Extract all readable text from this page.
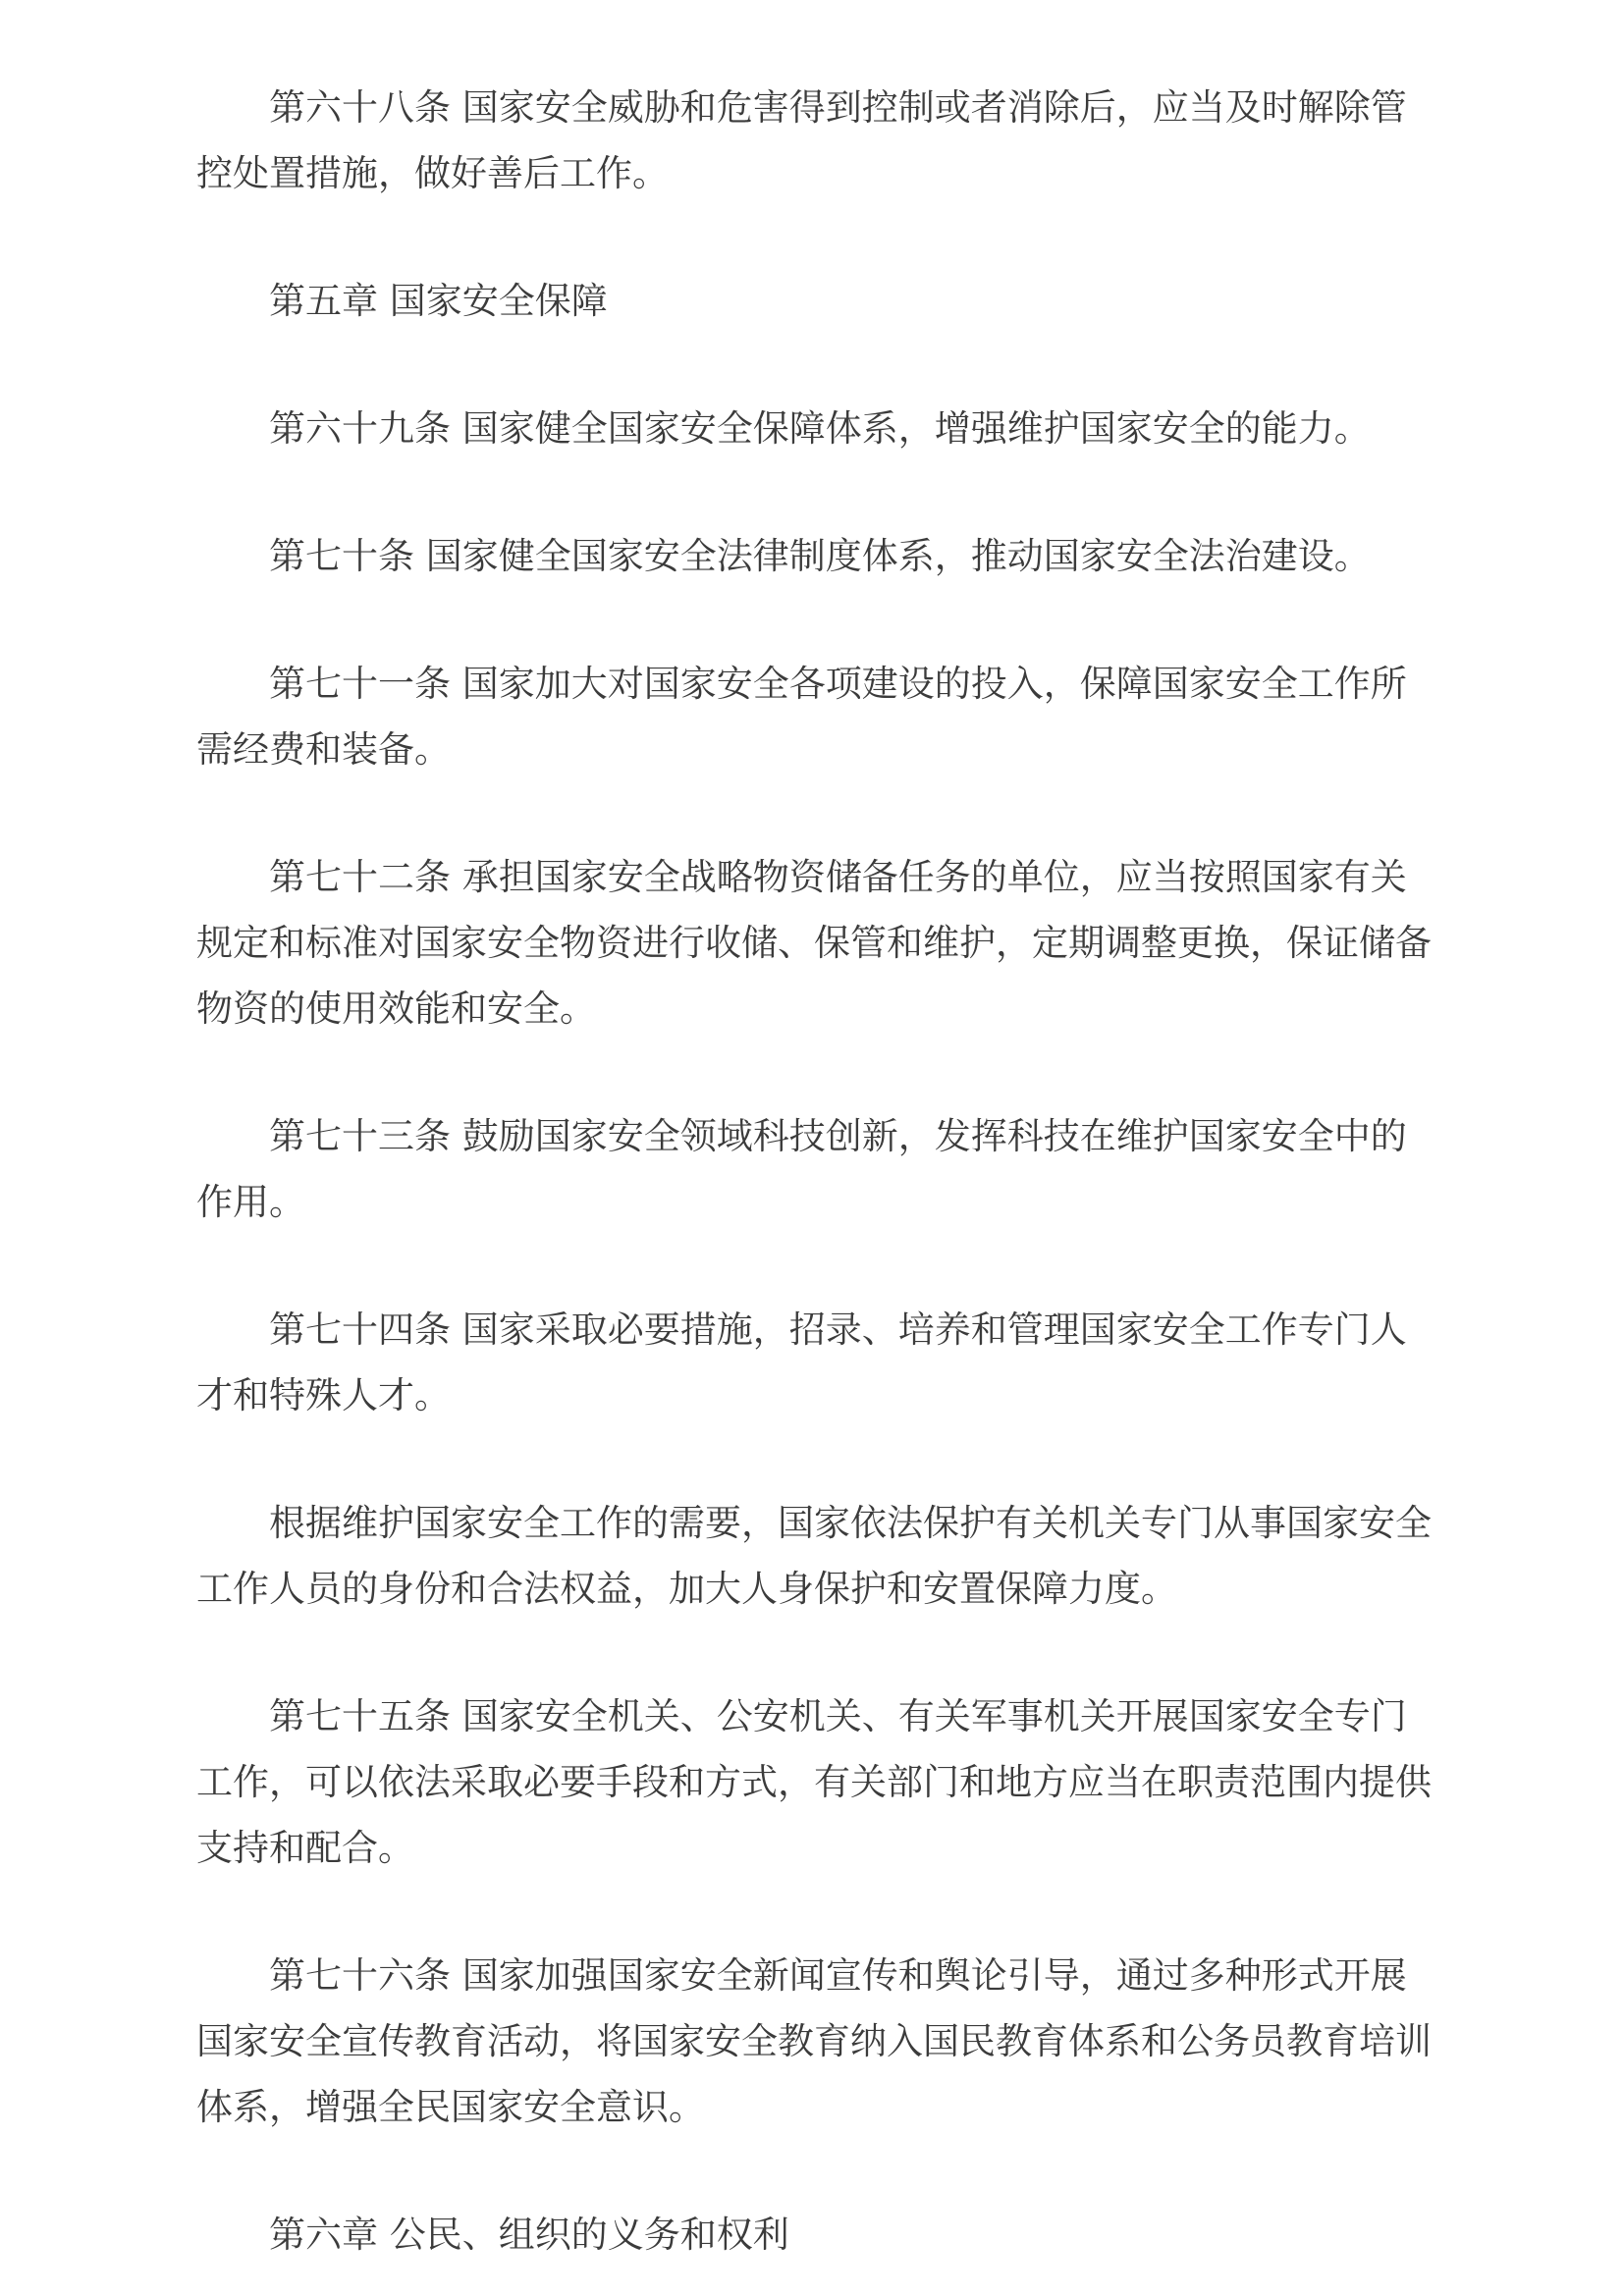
第六十八条 国家安全威胁和危害得到控制或者消除后，应当及时解除管控处置措施，做好善后工作。

第五章 国家安全保障

第六十九条 国家健全国家安全保障体系，增强维护国家安全的能力。

第七十条 国家健全国家安全法律制度体系，推动国家安全法治建设。

第七十一条 国家加大对国家安全各项建设的投入，保障国家安全工作所需经费和装备。

第七十二条 承担国家安全战略物资储备任务的单位，应当按照国家有关规定和标准对国家安全物资进行收储、保管和维护，定期调整更换，保证储备物资的使用效能和安全。

第七十三条 鼓励国家安全领域科技创新，发挥科技在维护国家安全中的作用。

第七十四条 国家采取必要措施，招录、培养和管理国家安全工作专门人才和特殊人才。

根据维护国家安全工作的需要，国家依法保护有关机关专门从事国家安全工作人员的身份和合法权益，加大人身保护和安置保障力度。

第七十五条 国家安全机关、公安机关、有关军事机关开展国家安全专门工作，可以依法采取必要手段和方式，有关部门和地方应当在职责范围内提供支持和配合。

第七十六条 国家加强国家安全新闻宣传和舆论引导，通过多种形式开展国家安全宣传教育活动，将国家安全教育纳入国民教育体系和公务员教育培训体系，增强全民国家安全意识。

第六章 公民、组织的义务和权利
